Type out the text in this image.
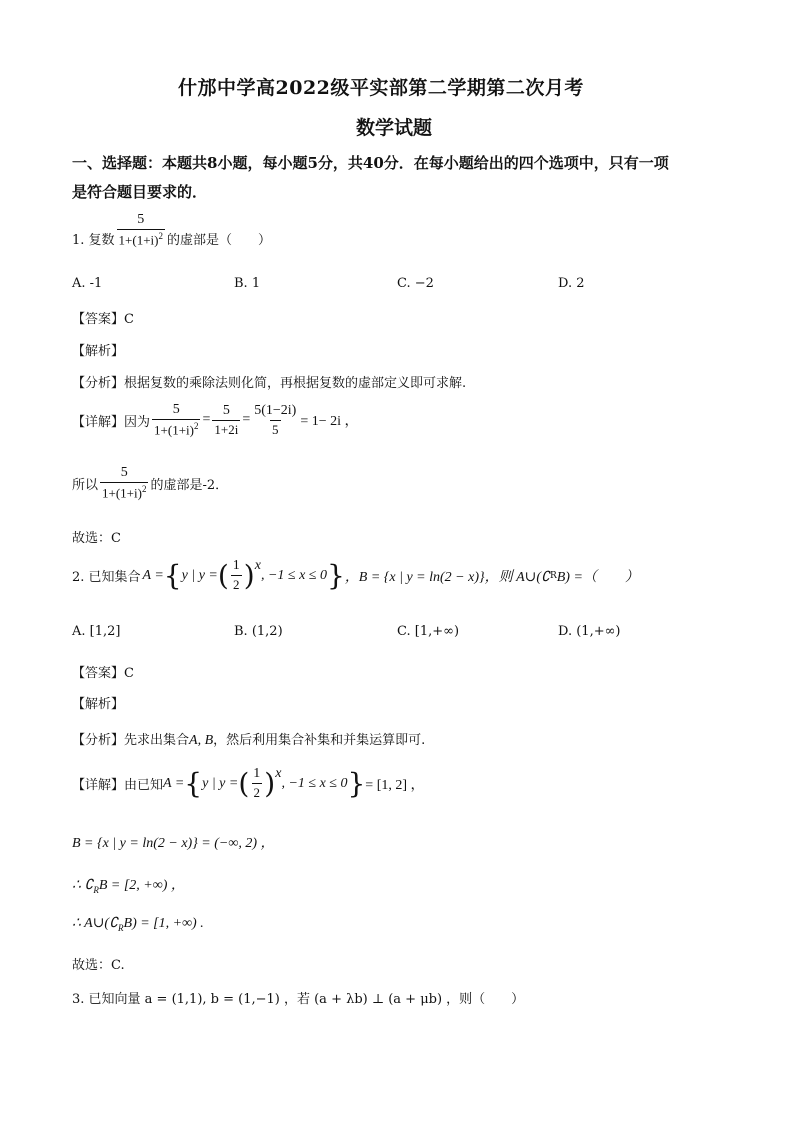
什邡中学高2022级平实部第二学期第二次月考
数学试题
一、选择题：本题共8小题，每小题5分，共40分．在每小题给出的四个选项中，只有一项
是符合题目要求的．
1. 复数 $\frac{5}{1+(1+i)^2}$ 的虚部是（　　）
A. -1	B. 1	C. −2	D. 2
【答案】C
【解析】
【分析】根据复数的乘除法则化简，再根据复数的虚部定义即可求解.
【详解】 因为 $\frac{5}{1+(1+i)^2} = \frac{5}{1+2i} = \frac{5(1-2i)}{5} = 1- 2i$ ，
所以 $\frac{5}{1+(1+i)^2}$ 的虚部是-2．
故选：C
2. 已知集合 A = { y | y = ( $\frac{1}{2}$ ) x
, −1 ≤ x ≤ 0 } ，B = {x | y = ln(2 − x)} ，则 A∪(∁ R B) =（　　）
A. [1,2]	B. (1,2)	C. [1,+∞)	D. (1,+∞)
【答案】C
【解析】
【分析】先求出集合A, B，然后利用集合补集和并集运算即可.
【详解】 由已知 A = { y | y = ( $\frac{1}{2}$ ) x
, −1 ≤ x ≤ 0 } = [1, 2] ，
B = {x | y = ln(2 − x)} = (−∞, 2) ，
∴ $∁_RB = [2$, +∞) ，
∴ $A\cup(∁_RB) = [1$, +∞) .
故选：C.
3. 已知向量 a = (1,1), b = (1,−1) ，若 (a + λb) ⊥ (a + μb) ，则（　　）
